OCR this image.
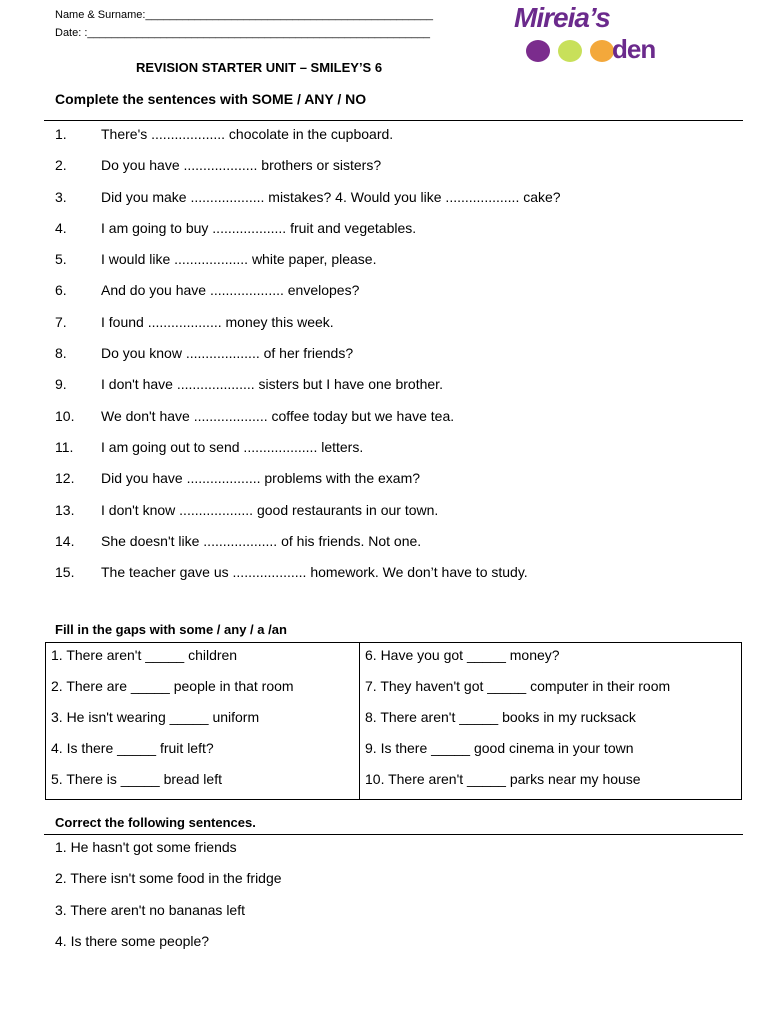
Name & Surname:_______________________________________________
Date: :________________________________________________________	Mireia’s
den
REVISION STARTER UNIT – SMILEY’S 6
Complete the sentences with SOME / ANY / NO
1. There's ................... chocolate in the cupboard.
2. Do you have ................... brothers or sisters?
3. Did you make ................... mistakes? 4. Would you like ................... cake?
4. I am going to buy ................... fruit and vegetables.
5. I would like ................... white paper, please.
6. And do you have ................... envelopes?
7. I found ................... money this week.
8. Do you know ................... of her friends?
9. I don't have .................... sisters but I have one brother.
10. We don't have ................... coffee today but we have tea.
11. I am going out to send ................... letters.
12. Did you have ................... problems with the exam?
13. I don't know ................... good restaurants in our town.
14. She doesn't like ................... of his friends. Not one.
15. The teacher gave us ................... homework. We don’t have to study.
Fill in the gaps with some / any / a /an
1. There aren't _____ children
2. There are _____ people in that room
3. He isn't wearing _____ uniform
4. Is there _____ fruit left?
5. There is _____ bread left

6. Have you got _____ money?
7. They haven't got _____ computer in their room
8. There aren't _____ books in my rucksack
9. Is there _____ good cinema in your town
10. There aren't _____ parks near my house
Correct the following sentences.
1. He hasn't got some friends
2. There isn't some food in the fridge
3. There aren't no bananas left
4. Is there some people?
